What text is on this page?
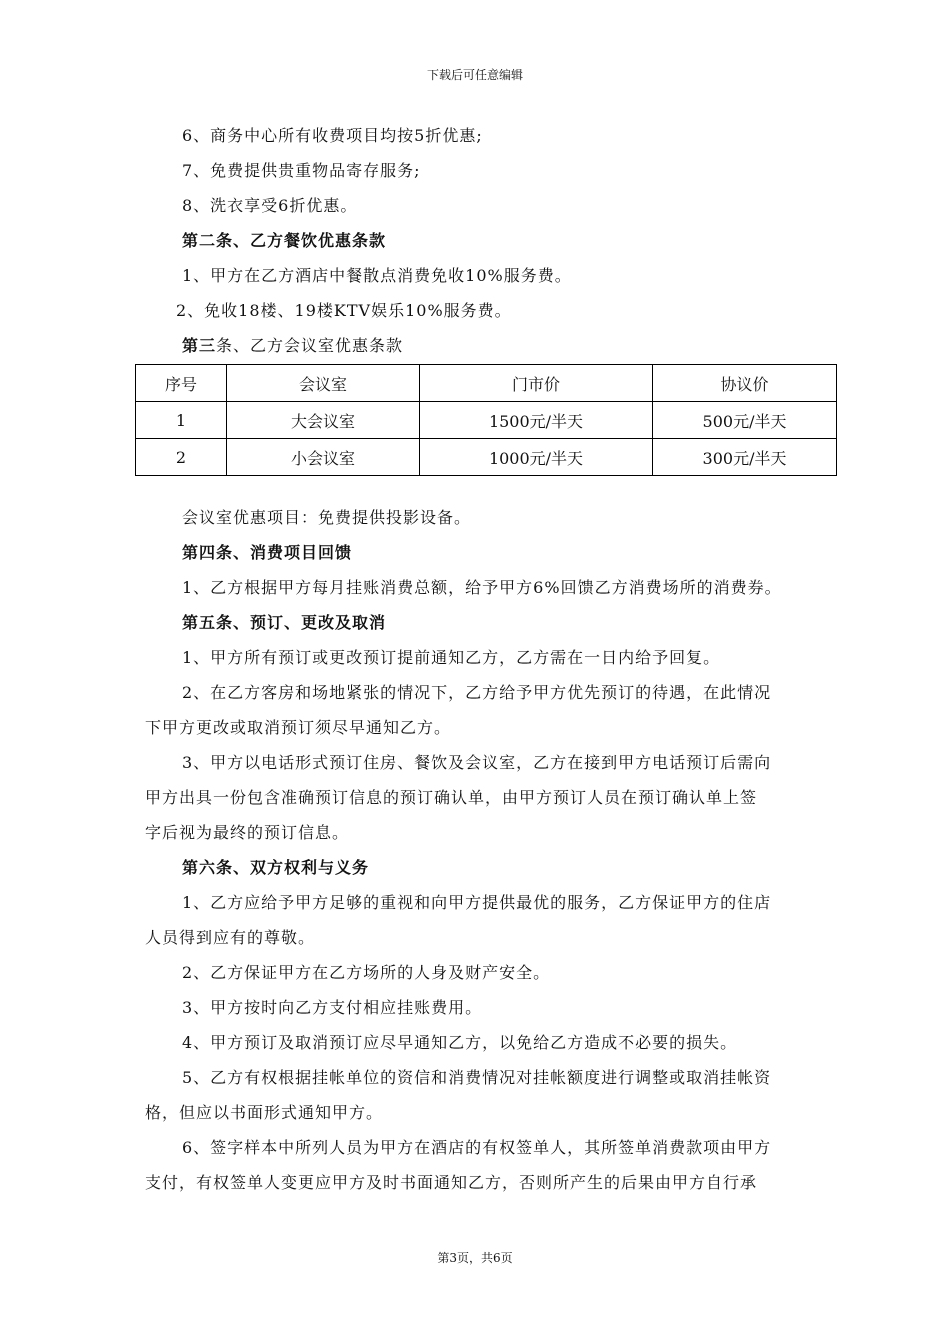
下载后可任意编辑
6、商务中心所有收费项目均按5折优惠;
7、免费提供贵重物品寄存服务;
8、洗衣享受6折优惠。
第二条、乙方餐饮优惠条款
1、甲方在乙方酒店中餐散点消费免收10%服务费。
2、免收18楼、19楼KTV娱乐10%服务费。
第三条、乙方会议室优惠条款
序号	会议室	门市价	协议价
1	大会议室	1500元/半天	500元/半天
2	小会议室	1000元/半天	300元/半天
会议室优惠项目：免费提供投影设备。
第四条、消费项目回馈
1、乙方根据甲方每月挂账消费总额，给予甲方6%回馈乙方消费场所的消费券。
第五条、预订、更改及取消
1、甲方所有预订或更改预订提前通知乙方，乙方需在一日内给予回复。
2、在乙方客房和场地紧张的情况下，乙方给予甲方优先预订的待遇，在此情况
下甲方更改或取消预订须尽早通知乙方。
3、甲方以电话形式预订住房、餐饮及会议室，乙方在接到甲方电话预订后需向
甲方出具一份包含准确预订信息的预订确认单，由甲方预订人员在预订确认单上签
字后视为最终的预订信息。
第六条、双方权利与义务
1、乙方应给予甲方足够的重视和向甲方提供最优的服务，乙方保证甲方的住店
人员得到应有的尊敬。
2、乙方保证甲方在乙方场所的人身及财产安全。
3、甲方按时向乙方支付相应挂账费用。
4、甲方预订及取消预订应尽早通知乙方，以免给乙方造成不必要的损失。
5、乙方有权根据挂帐单位的资信和消费情况对挂帐额度进行调整或取消挂帐资
格，但应以书面形式通知甲方。
6、签字样本中所列人员为甲方在酒店的有权签单人，其所签单消费款项由甲方
支付，有权签单人变更应甲方及时书面通知乙方，否则所产生的后果由甲方自行承
第3页，共6页
